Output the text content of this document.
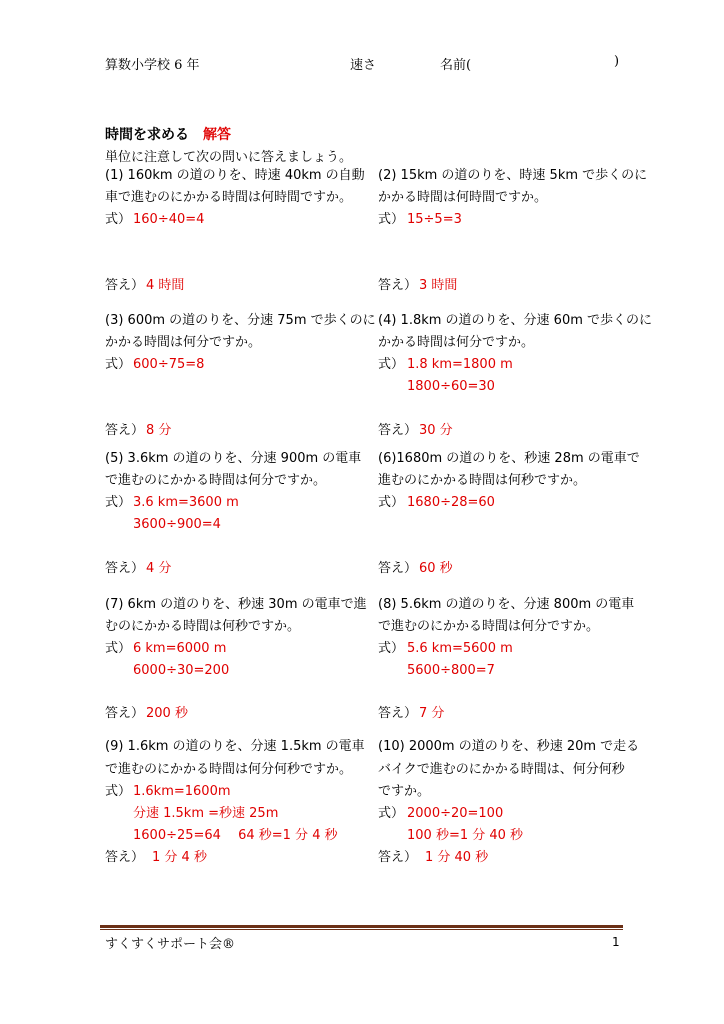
算数小学校 6 年	速さ	名前(	)
時間を求める 解答
単位に注意して次の問いに答えましょう。
(1) 160km の道のりを、時速 40km の自動
車で進むのにかかる時間は何時間ですか。
式） 160÷40=4
答え） 4 時間
(2) 15km の道のりを、時速 5km で歩くのに
かかる時間は何時間ですか。
式） 15÷5=3
答え） 3 時間
(3) 600m の道のりを、分速 75m で歩くのに
かかる時間は何分ですか。
式） 600÷75=8
答え） 8 分
(4) 1.8km の道のりを、分速 60m で歩くのに
かかる時間は何分ですか。
式） 1.8 km=1800 m
1800÷60=30
答え） 30 分
(5) 3.6km の道のりを、分速 900m の電車
で進むのにかかる時間は何分ですか。
式） 3.6 km=3600 m
3600÷900=4
答え） 4 分
(6)1680m の道のりを、秒速 28m の電車で
進むのにかかる時間は何秒ですか。
式） 1680÷28=60
答え） 60 秒
(7) 6km の道のりを、秒速 30m の電車で進
むのにかかる時間は何秒ですか。
式） 6 km=6000 m
6000÷30=200
答え） 200 秒
(8) 5.6km の道のりを、分速 800m の電車
で進むのにかかる時間は何分ですか。
式） 5.6 km=5600 m
5600÷800=7
答え） 7 分
(9) 1.6km の道のりを、分速 1.5km の電車
で進むのにかかる時間は何分何秒ですか。
式） 1.6km=1600m
分速 1.5km =秒速 25m
1600÷25=64　 64 秒=1 分 4 秒
答え） 1 分 4 秒
(10) 2000m の道のりを、秒速 20m で走る
バイクで進むのにかかる時間は、何分何秒
ですか。
式） 2000÷20=100
100 秒=1 分 40 秒
答え） 1 分 40 秒
すくすくサポート会®	1
